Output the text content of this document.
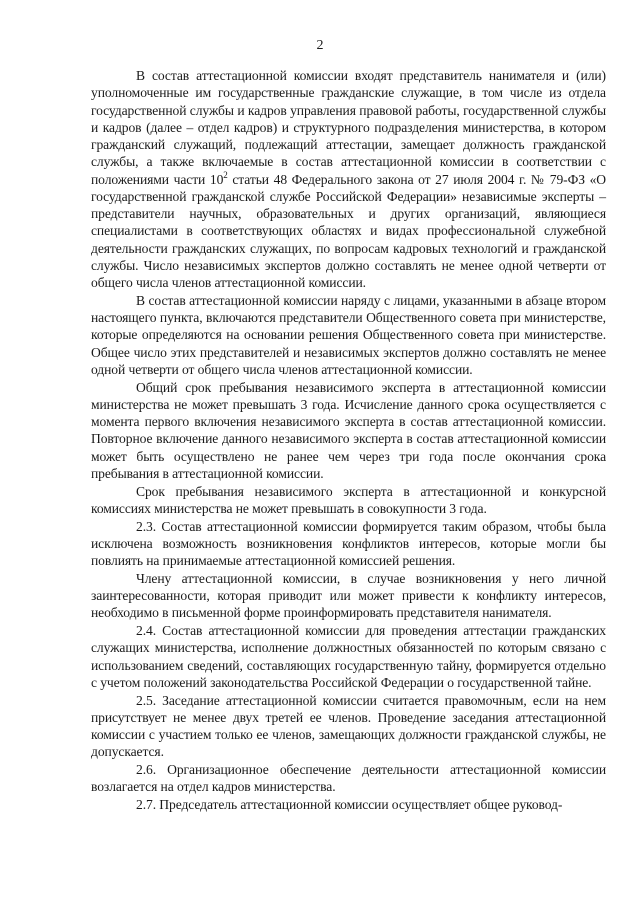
2

В состав аттестационной комиссии входят представитель нанимателя и (или) уполномоченные им государственные гражданские служащие, в том числе из отдела государственной службы и кадров управления правовой работы, государственной службы и кадров (далее – отдел кадров) и структурного подразделения министерства, в котором гражданский служащий, подлежащий аттестации, замещает должность гражданской службы, а также включаемые в состав аттестационной комиссии в соответствии с положениями части $10^2$ статьи 48 Федерального закона от 27 июля 2004 г. № 79-ФЗ «О государственной гражданской службе Российской Федерации» независимые эксперты – представители научных, образовательных и других организаций, являющиеся специалистами в соответствующих областях и видах профессиональной служебной деятельности гражданских служащих, по вопросам кадровых технологий и гражданской службы. Число независимых экспертов должно составлять не менее одной четверти от общего числа членов аттестационной комиссии.

В состав аттестационной комиссии наряду с лицами, указанными в абзаце втором настоящего пункта, включаются представители Общественного совета при министерстве, которые определяются на основании решения Общественного совета при министерстве. Общее число этих представителей и независимых экспертов должно составлять не менее одной четверти от общего числа членов аттестационной комиссии.

Общий срок пребывания независимого эксперта в аттестационной комиссии министерства не может превышать 3 года. Исчисление данного срока осуществляется с момента первого включения независимого эксперта в состав аттестационной комиссии. Повторное включение данного независимого эксперта в состав аттестационной комиссии может быть осуществлено не ранее чем через три года после окончания срока пребывания в аттестационной комиссии.

Срок пребывания независимого эксперта в аттестационной и конкурсной комиссиях министерства не может превышать в совокупности 3 года.

2.3. Состав аттестационной комиссии формируется таким образом, чтобы была исключена возможность возникновения конфликтов интересов, которые могли бы повлиять на принимаемые аттестационной комиссией решения.

Члену аттестационной комиссии, в случае возникновения у него личной заинтересованности, которая приводит или может привести к конфликту интересов, необходимо в письменной форме проинформировать представителя нанимателя.

2.4. Состав аттестационной комиссии для проведения аттестации гражданских служащих министерства, исполнение должностных обязанностей по которым связано с использованием сведений, составляющих государственную тайну, формируется отдельно с учетом положений законодательства Российской Федерации о государственной тайне.

2.5. Заседание аттестационной комиссии считается правомочным, если на нем присутствует не менее двух третей ее членов. Проведение заседания аттестационной комиссии с участием только ее членов, замещающих должности гражданской службы, не допускается.

2.6. Организационное обеспечение деятельности аттестационной комиссии возлагается на отдел кадров министерства.

2.7. Председатель аттестационной комиссии осуществляет общее руковод-
